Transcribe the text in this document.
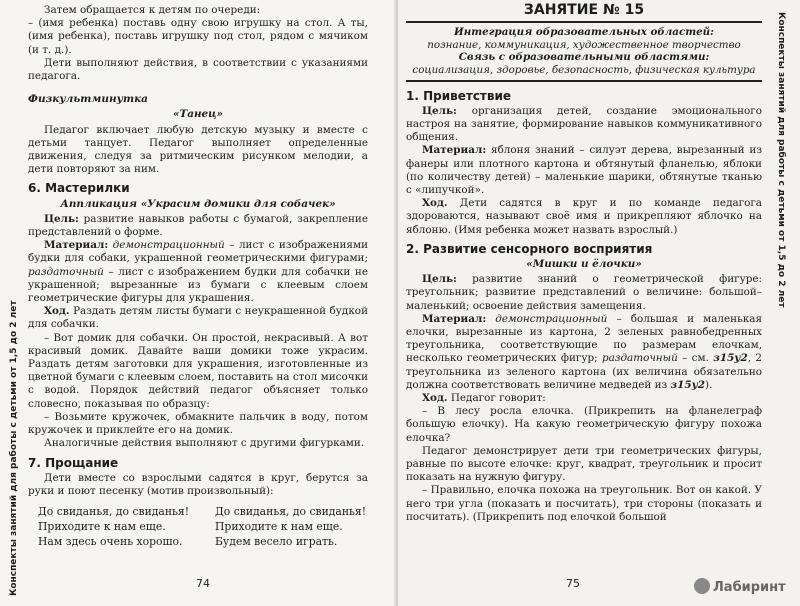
Затем обращается к детям по очереди:

– (имя ребенка) поставь одну свою игрушку на стол. А ты, (имя ребенка), поставь игрушку под стол, рядом с мячиком (и т. д.).

Дети выполняют действия, в соответствии с указаниями педагога.

Физкультминутка

«Танец»

Педагог включает любую детскую музыку и вместе с детьми танцует. Педагог выполняет определенные движения, следуя за ритмическим рисунком мелодии, а дети повторяют за ним.

6. Мастерилки

Аппликация «Украсим домики для собачек»

Цель: развитие навыков работы с бумагой, закрепление представлений о форме.

Материал: демонстрационный – лист с изображениями будки для собаки, украшенной геометрическими фигурами; раздаточный – лист с изображением будки для собачки не украшенной; вырезанные из бумаги с клеевым слоем геометрические фигуры для украшения.

Ход. Раздать детям листы бумаги с неукрашенной будкой для собачки.

– Вот домик для собачки. Он простой, некрасивый. А вот красивый домик. Давайте ваши домики тоже украсим. Раздать детям заготовки для украшения, изготовленные из цветной бумаги с клеевым слоем, поставить на стол мисочки с водой. Порядок действий педагог объясняет только словесно, показывая по образцу:

– Возьмите кружочек, обмакните пальчик в воду, потом кружочек и приклейте его на домик.

Аналогичные действия выполняют с другими фигурками.

7. Прощание

Дети вместе со взрослыми садятся в круг, берутся за руки и поют песенку (мотив произвольный):

До свиданья, до свиданья! До свиданья, до свиданья!
Приходите к нам еще.	Приходите к нам еще.
Нам здесь очень хорошо.	Будем весело играть.
Конспекты занятий для работы с детьми от 1,5 до 2 лет	74
ЗАНЯТИЕ № 15
Интеграция образовательных областей:
познание, коммуникация, художественное творчество
Связь с образовательными областями:
социализация, здоровье, безопасность, физическая культура
1. Приветствие

Цель: организация детей, создание эмоционального настроя на занятие, формирование навыков коммуникативного общения.

Материал: яблоня знаний – силуэт дерева, вырезанный из фанеры или плотного картона и обтянутый фланелью, яблоки (по количеству детей) – маленькие шарики, обтянутые тканью с «липучкой».

Ход. Дети садятся в круг и по команде педагога здороваются, называют своё имя и прикрепляют яблочко на яблоню. (Имя ребенка может назвать взрослый.)

2. Развитие сенсорного восприятия

«Мишки и ёлочки»

Цель: развитие знаний о геометрической фигуре: треугольник; развитие представлений о величине: большой–маленький; освоение действия замещения.

Материал: демонстрационный – большая и маленькая елочки, вырезанные из картона, 2 зеленых равнобедренных треугольника, соответствующие по размерам елочкам, несколько геометрических фигур; раздаточный – см. з15у2, 2 треугольника из зеленого картона (их величина обязательно должна соответствовать величине медведей из з15у2).

Ход. Педагог говорит:

– В лесу росла елочка. (Прикрепить на фланелеграф большую елочку). На какую геометрическую фигуру похожа елочка?

Педагог демонстрирует дети три геометрических фигуры, равные по высоте елочке: круг, квадрат, треугольник и просит показать на нужную фигуру.

– Правильно, елочка похожа на треугольник. Вот он какой. У него три угла (показать и посчитать), три стороны (показать и посчитать). (Прикрепить под елочкой большой

75	Лабиринт
Конспекты занятий для работы с детьми от 1,5 до 2 лет
